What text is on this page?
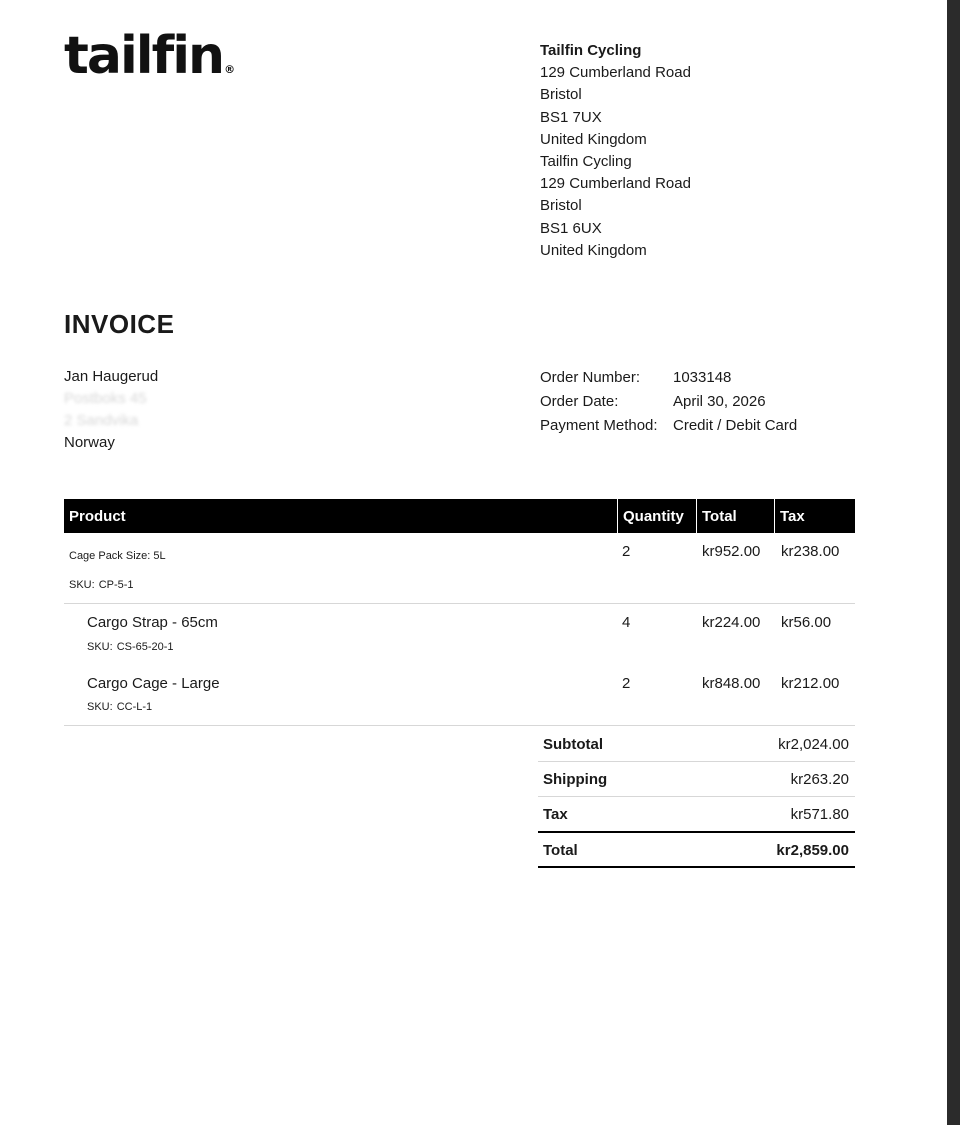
tailfin®
Tailfin Cycling
129 Cumberland Road
Bristol
BS1 7UX
United Kingdom
Tailfin Cycling
129 Cumberland Road
Bristol
BS1 6UX
United Kingdom
INVOICE
Jan Haugerud
Postboks 45
2 Sandvika
Norway
Order Number:	1033148
Order Date:	April 30, 2026
Payment Method:	Credit / Debit Card
Product	Quantity Total	Tax
Cage Pack Size: 5L
SKU: CP-5-1
2	kr952.00 kr238.00
Cargo Strap - 65cm
SKU: CS-65-20-1
4	kr224.00 kr56.00
Cargo Cage - Large
SKU: CC-L-1
2	kr848.00 kr212.00
Subtotal	kr2,024.00
Shipping	kr263.20
Tax	kr571.80
Total	kr2,859.00
